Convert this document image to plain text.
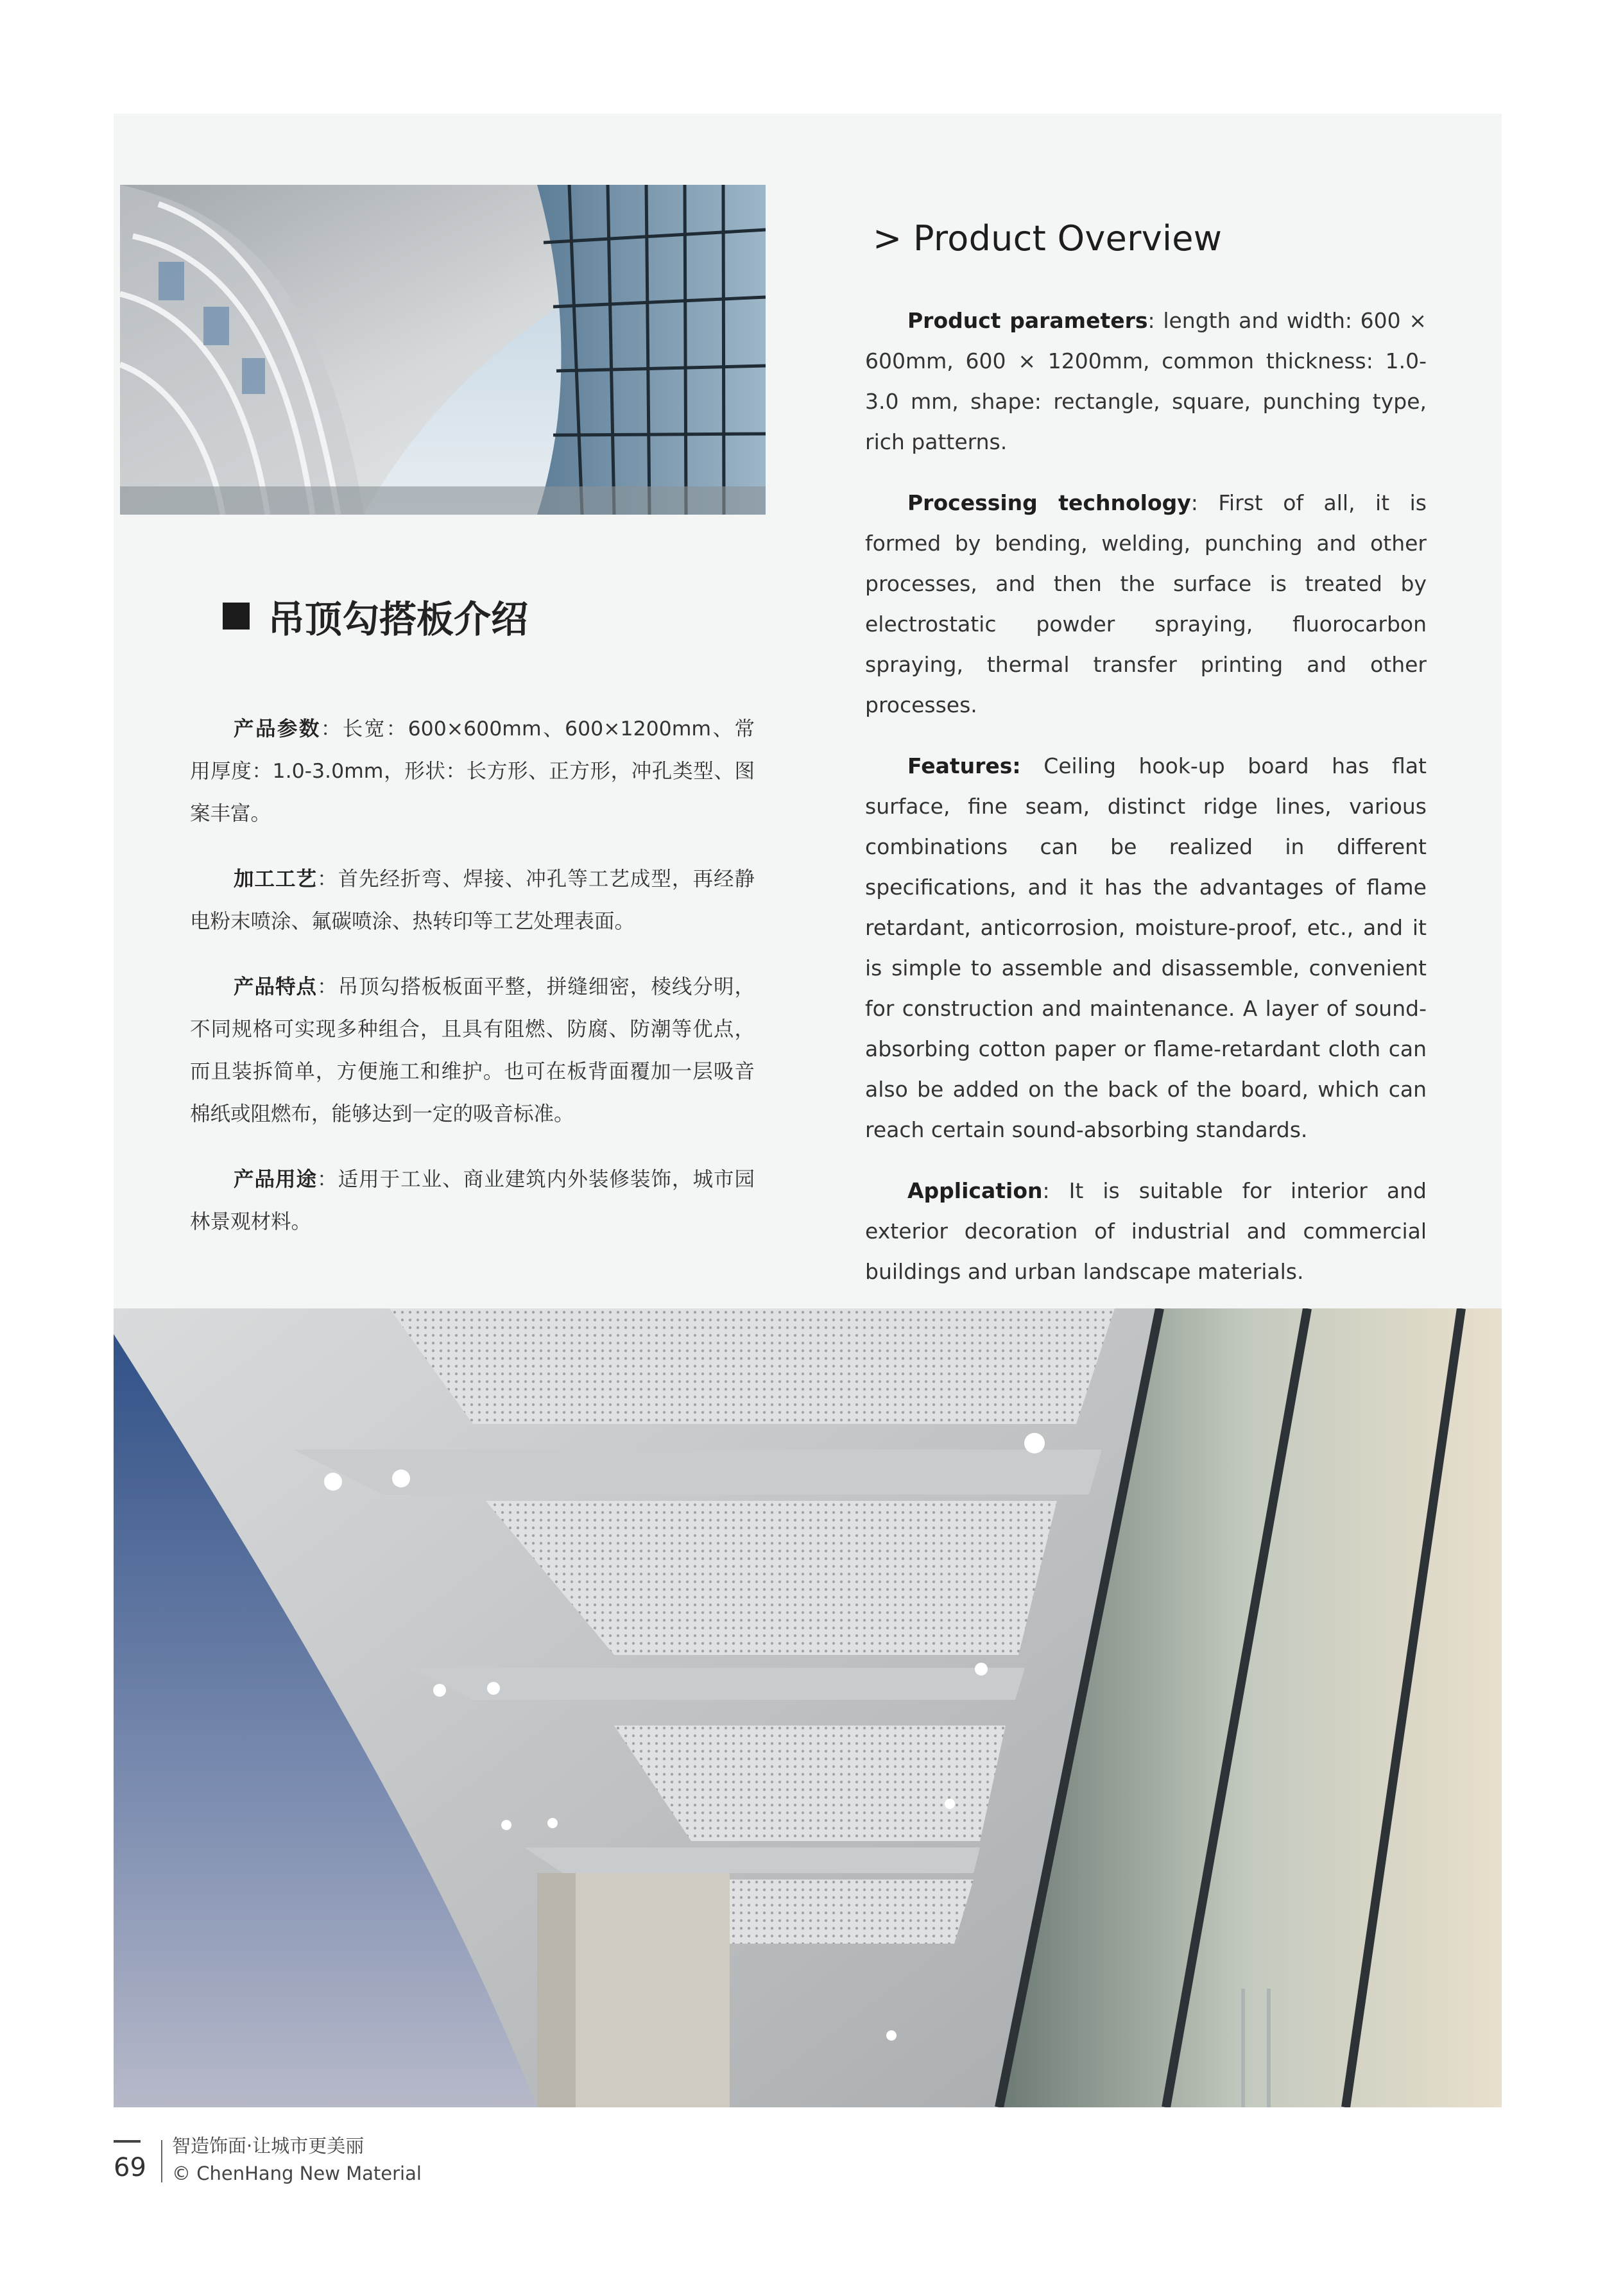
吊顶勾搭板介绍

产品参数：长宽：600×600mm、600×1200mm、常用厚度：1.0-3.0mm，形状：长方形、正方形，冲孔类型、图案丰富。

加工工艺：首先经折弯、焊接、冲孔等工艺成型，再经静电粉末喷涂、氟碳喷涂、热转印等工艺处理表面。

产品特点：吊顶勾搭板板面平整，拼缝细密，棱线分明，不同规格可实现多种组合，且具有阻燃、防腐、防潮等优点，而且装拆简单，方便施工和维护。也可在板背面覆加一层吸音棉纸或阻燃布，能够达到一定的吸音标准。

产品用途：适用于工业、商业建筑内外装修装饰，城市园林景观材料。

> Product Overview

Product parameters: length and width: 600 × 600mm, 600 × 1200mm, common thickness: 1.0-3.0 mm, shape: rectangle, square, punching type, rich patterns.

Processing technology: First of all, it is formed by bending, welding, punching and other processes, and then the surface is treated by electrostatic powder spraying, fluorocarbon spraying, thermal transfer printing and other processes.

Features: Ceiling hook-up board has flat surface, fine seam, distinct ridge lines, various combinations can be realized in different specifications, and it has the advantages of flame retardant, anticorrosion, moisture-proof, etc., and it is simple to assemble and disassemble, convenient for construction and maintenance. A layer of sound-absorbing cotton paper or flame-retardant cloth can also be added on the back of the board, which can reach certain sound-absorbing standards.

Application: It is suitable for interior and exterior decoration of industrial and commercial buildings and urban landscape materials.

69
智造饰面·让城市更美丽
© ChenHang New Material
